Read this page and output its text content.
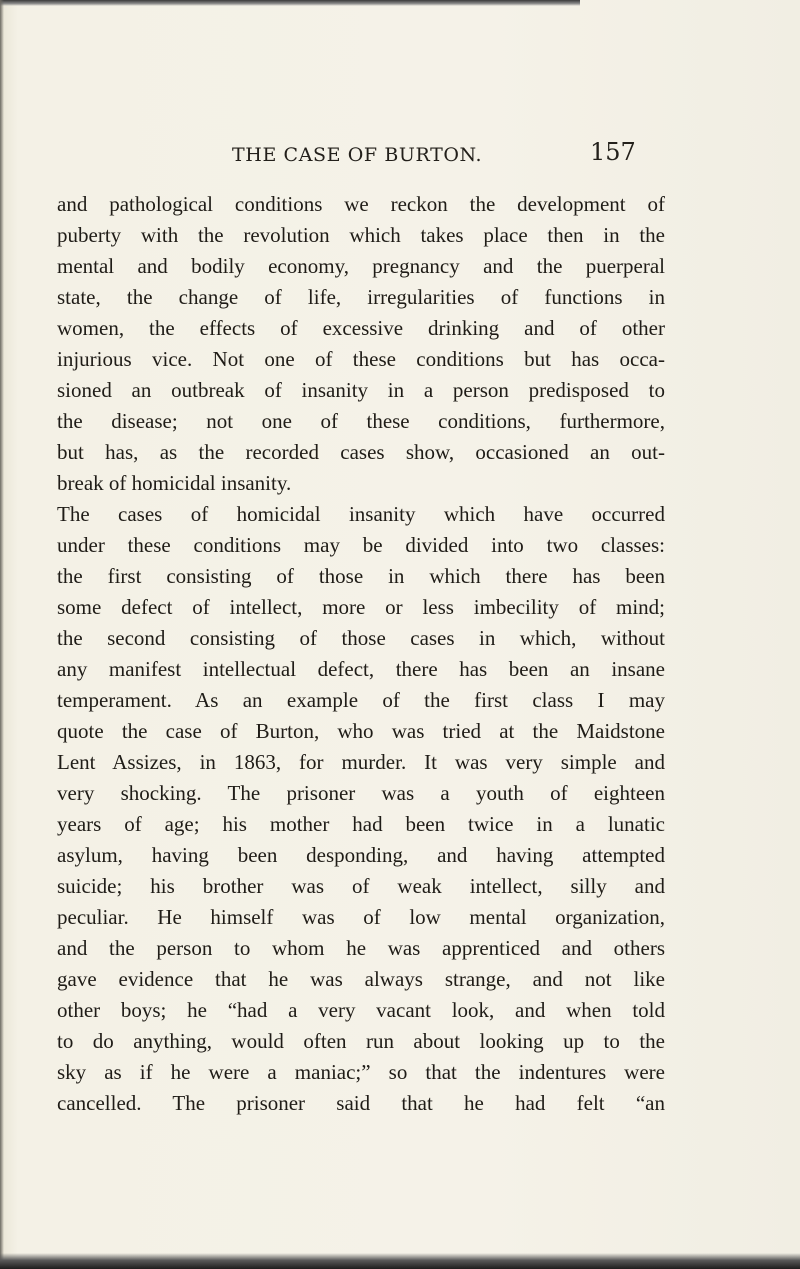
THE CASE OF BURTON.	157
and pathological conditions we reckon the development of
puberty with the revolution which takes place then in the
mental and bodily economy, pregnancy and the puerperal
state, the change of life, irregularities of functions in
women, the effects of excessive drinking and of other
injurious vice. Not one of these conditions but has occa-
sioned an outbreak of insanity in a person predisposed to
the disease; not one of these conditions, furthermore,
but has, as the recorded cases show, occasioned an out-
break of homicidal insanity.
The cases of homicidal insanity which have occurred
under these conditions may be divided into two classes:
the first consisting of those in which there has been
some defect of intellect, more or less imbecility of mind;
the second consisting of those cases in which, without
any manifest intellectual defect, there has been an insane
temperament. As an example of the first class I may
quote the case of Burton, who was tried at the Maidstone
Lent Assizes, in 1863, for murder. It was very simple and
very shocking. The prisoner was a youth of eighteen
years of age; his mother had been twice in a lunatic
asylum, having been desponding, and having attempted
suicide; his brother was of weak intellect, silly and
peculiar. He himself was of low mental organization,
and the person to whom he was apprenticed and others
gave evidence that he was always strange, and not like
other boys; he “had a very vacant look, and when told
to do anything, would often run about looking up to the
sky as if he were a maniac;” so that the indentures were
cancelled. The prisoner said that he had felt “an
